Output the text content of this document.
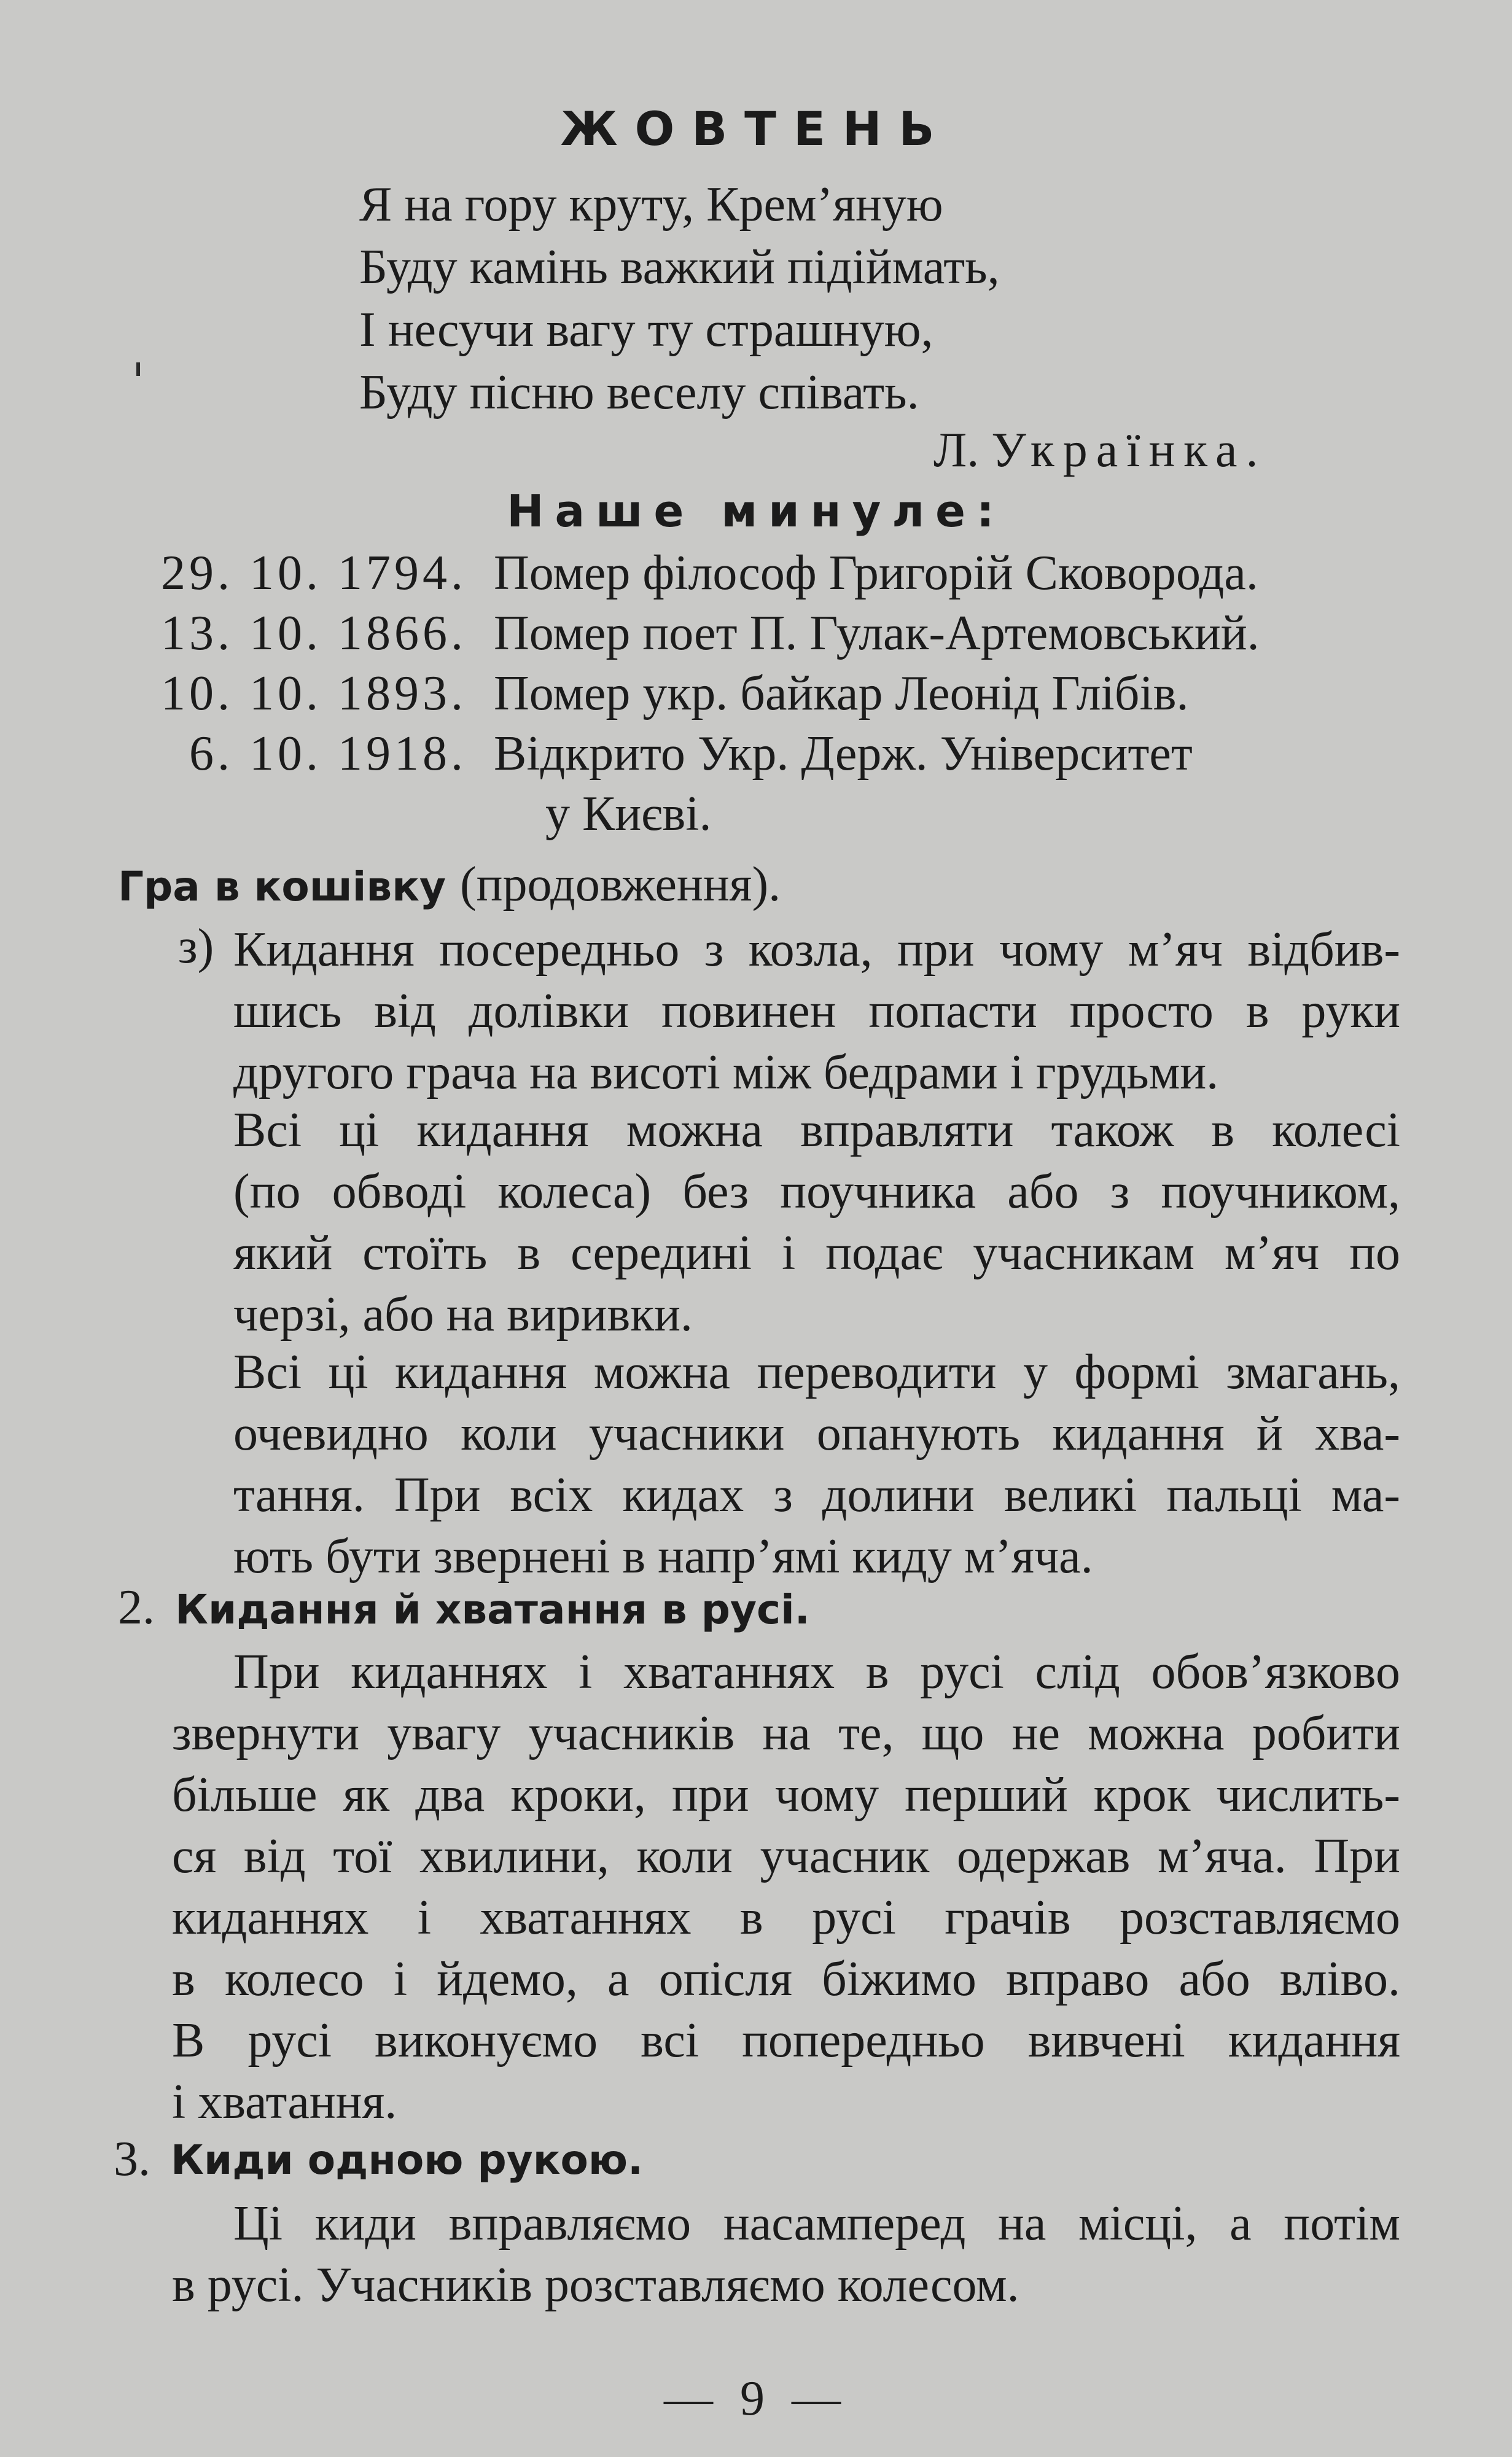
ЖОВТЕНЬ
Я на гору круту, Крем’яную
Буду камінь важкий підіймать,
І несучи вагу ту страшную,
Буду пісню веселу співать.
Л. Українка.
Наше минуле:
29. 10. 1794. Помер філософ Григорій Сковорода.
13. 10. 1866. Помер поет П. Гулак-Артемовський.
10. 10. 1893. Помер укр. байкар Леонід Глібів.
6. 10. 1918. Відкрито Укр. Держ. Університет
у Києві.
Гра в кошівку (продовження).
з) Кидання посередньо з козла, при чому м’яч відбив-
шись від долівки повинен попасти просто в руки
другого грача на висоті між бедрами і грудьми.
Всі ці кидання можна вправляти також в колесі
(по обводі колеса) без поучника або з поучником,
який стоїть в середині і подає учасникам м’яч по
черзі, або на виривки.
Всі ці кидання можна переводити у формі змагань,
очевидно коли учасники опанують кидання й хва-
тання. При всіх кидах з долини великі пальці ма-
ють бути звернені в напр’ямі киду м’яча.
2. Кидання й хватання в русі.
При киданнях і хватаннях в русі слід обов’язково
звернути увагу учасників на те, що не можна робити
більше як два кроки, при чому перший крок числить-
ся від тої хвилини, коли учасник одержав м’яча. При
киданнях і хватаннях в русі грачів розставляємо
в колесо і йдемо, а опісля біжимо вправо або вліво.
В русі виконуємо всі попередньо вивчені кидання
і хватання.
3. Киди одною рукою.
Ці киди вправляємо насамперед на місці, а потім
в русі. Учасників розставляємо колесом.
— 9 —
